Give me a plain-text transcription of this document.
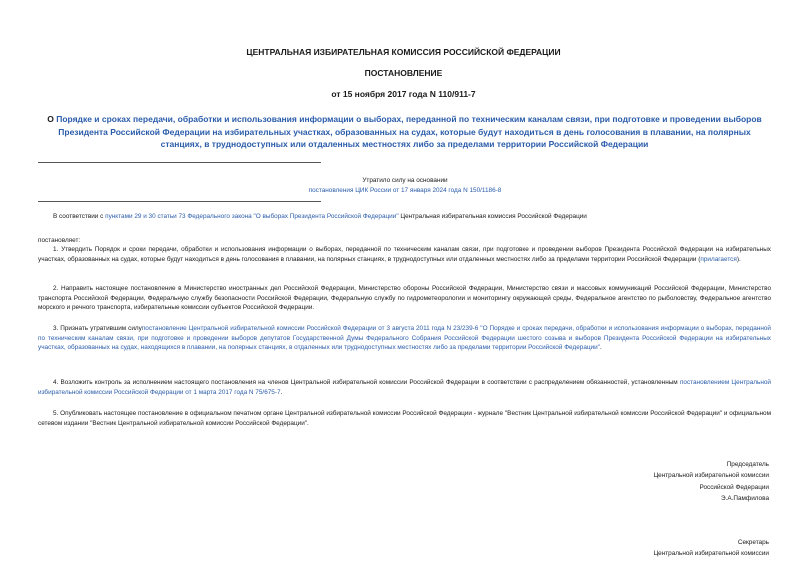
ЦЕНТРАЛЬНАЯ ИЗБИРАТЕЛЬНАЯ КОМИССИЯ РОССИЙСКОЙ ФЕДЕРАЦИИ
ПОСТАНОВЛЕНИЕ
от 15 ноября 2017 года N 110/911-7
О Порядке и сроках передачи, обработки и использования информации о выборах, переданной по техническим каналам связи, при подготовке и проведении выборов Президента Российской Федерации на избирательных участках, образованных на судах, которые будут находиться в день голосования в плавании, на полярных станциях, в труднодоступных или отдаленных местностях либо за пределами территории Российской Федерации
Утратило силу на основании
постановления ЦИК России от 17 января 2024 года N 150/1186-8
В соответствии с пунктами 29 и 30 статьи 73 Федерального закона "О выборах Президента Российской Федерации" Центральная избирательная комиссия Российской Федерации
постановляет:
1. Утвердить Порядок и сроки передачи, обработки и использования информации о выборах, переданной по техническим каналам связи, при подготовке и проведении выборов Президента Российской Федерации на избирательных участках, образованных на судах, которые будут находиться в день голосования в плавании, на полярных станциях, в труднодоступных или отдаленных местностях либо за пределами территории Российской Федерации (прилагается).
2. Направить настоящее постановление в Министерство иностранных дел Российской Федерации, Министерство обороны Российской Федерации, Министерство связи и массовых коммуникаций Российской Федерации, Министерство транспорта Российской Федерации, Федеральную службу безопасности Российской Федерации, Федеральную службу по гидрометеорологии и мониторингу окружающей среды, Федеральное агентство по рыболовству, Федеральное агентство морского и речного транспорта, избирательные комиссии субъектов Российской Федерации.
3. Признать утратившим силупостановление Центральной избирательной комиссии Российской Федерации от 3 августа 2011 года N 23/239-6 "О Порядке и сроках передачи, обработки и использования информации о выборах, переданной по техническим каналам связи, при подготовке и проведении выборов депутатов Государственной Думы Федерального Собрания Российской Федерации шестого созыва и выборов Президента Российской Федерации на избирательных участках, образованных на судах, находящихся в плавании, на полярных станциях, в отдаленных или труднодоступных местностях либо за пределами территории Российской Федерации".
4. Возложить контроль за исполнением настоящего постановления на членов Центральной избирательной комиссии Российской Федерации в соответствии с распределением обязанностей, установленным постановлением Центральной избирательной комиссии Российской Федерации от 1 марта 2017 года N 75/675-7.
5. Опубликовать настоящее постановление в официальном печатном органе Центральной избирательной комиссии Российской Федерации - журнале "Вестник Центральной избирательной комиссии Российской Федерации" и официальном сетевом издании "Вестник Центральной избирательной комиссии Российской Федерации".
Председатель
Центральной избирательной комиссии
Российской Федерации
Э.А.Памфилова
Секретарь
Центральной избирательной комиссии
